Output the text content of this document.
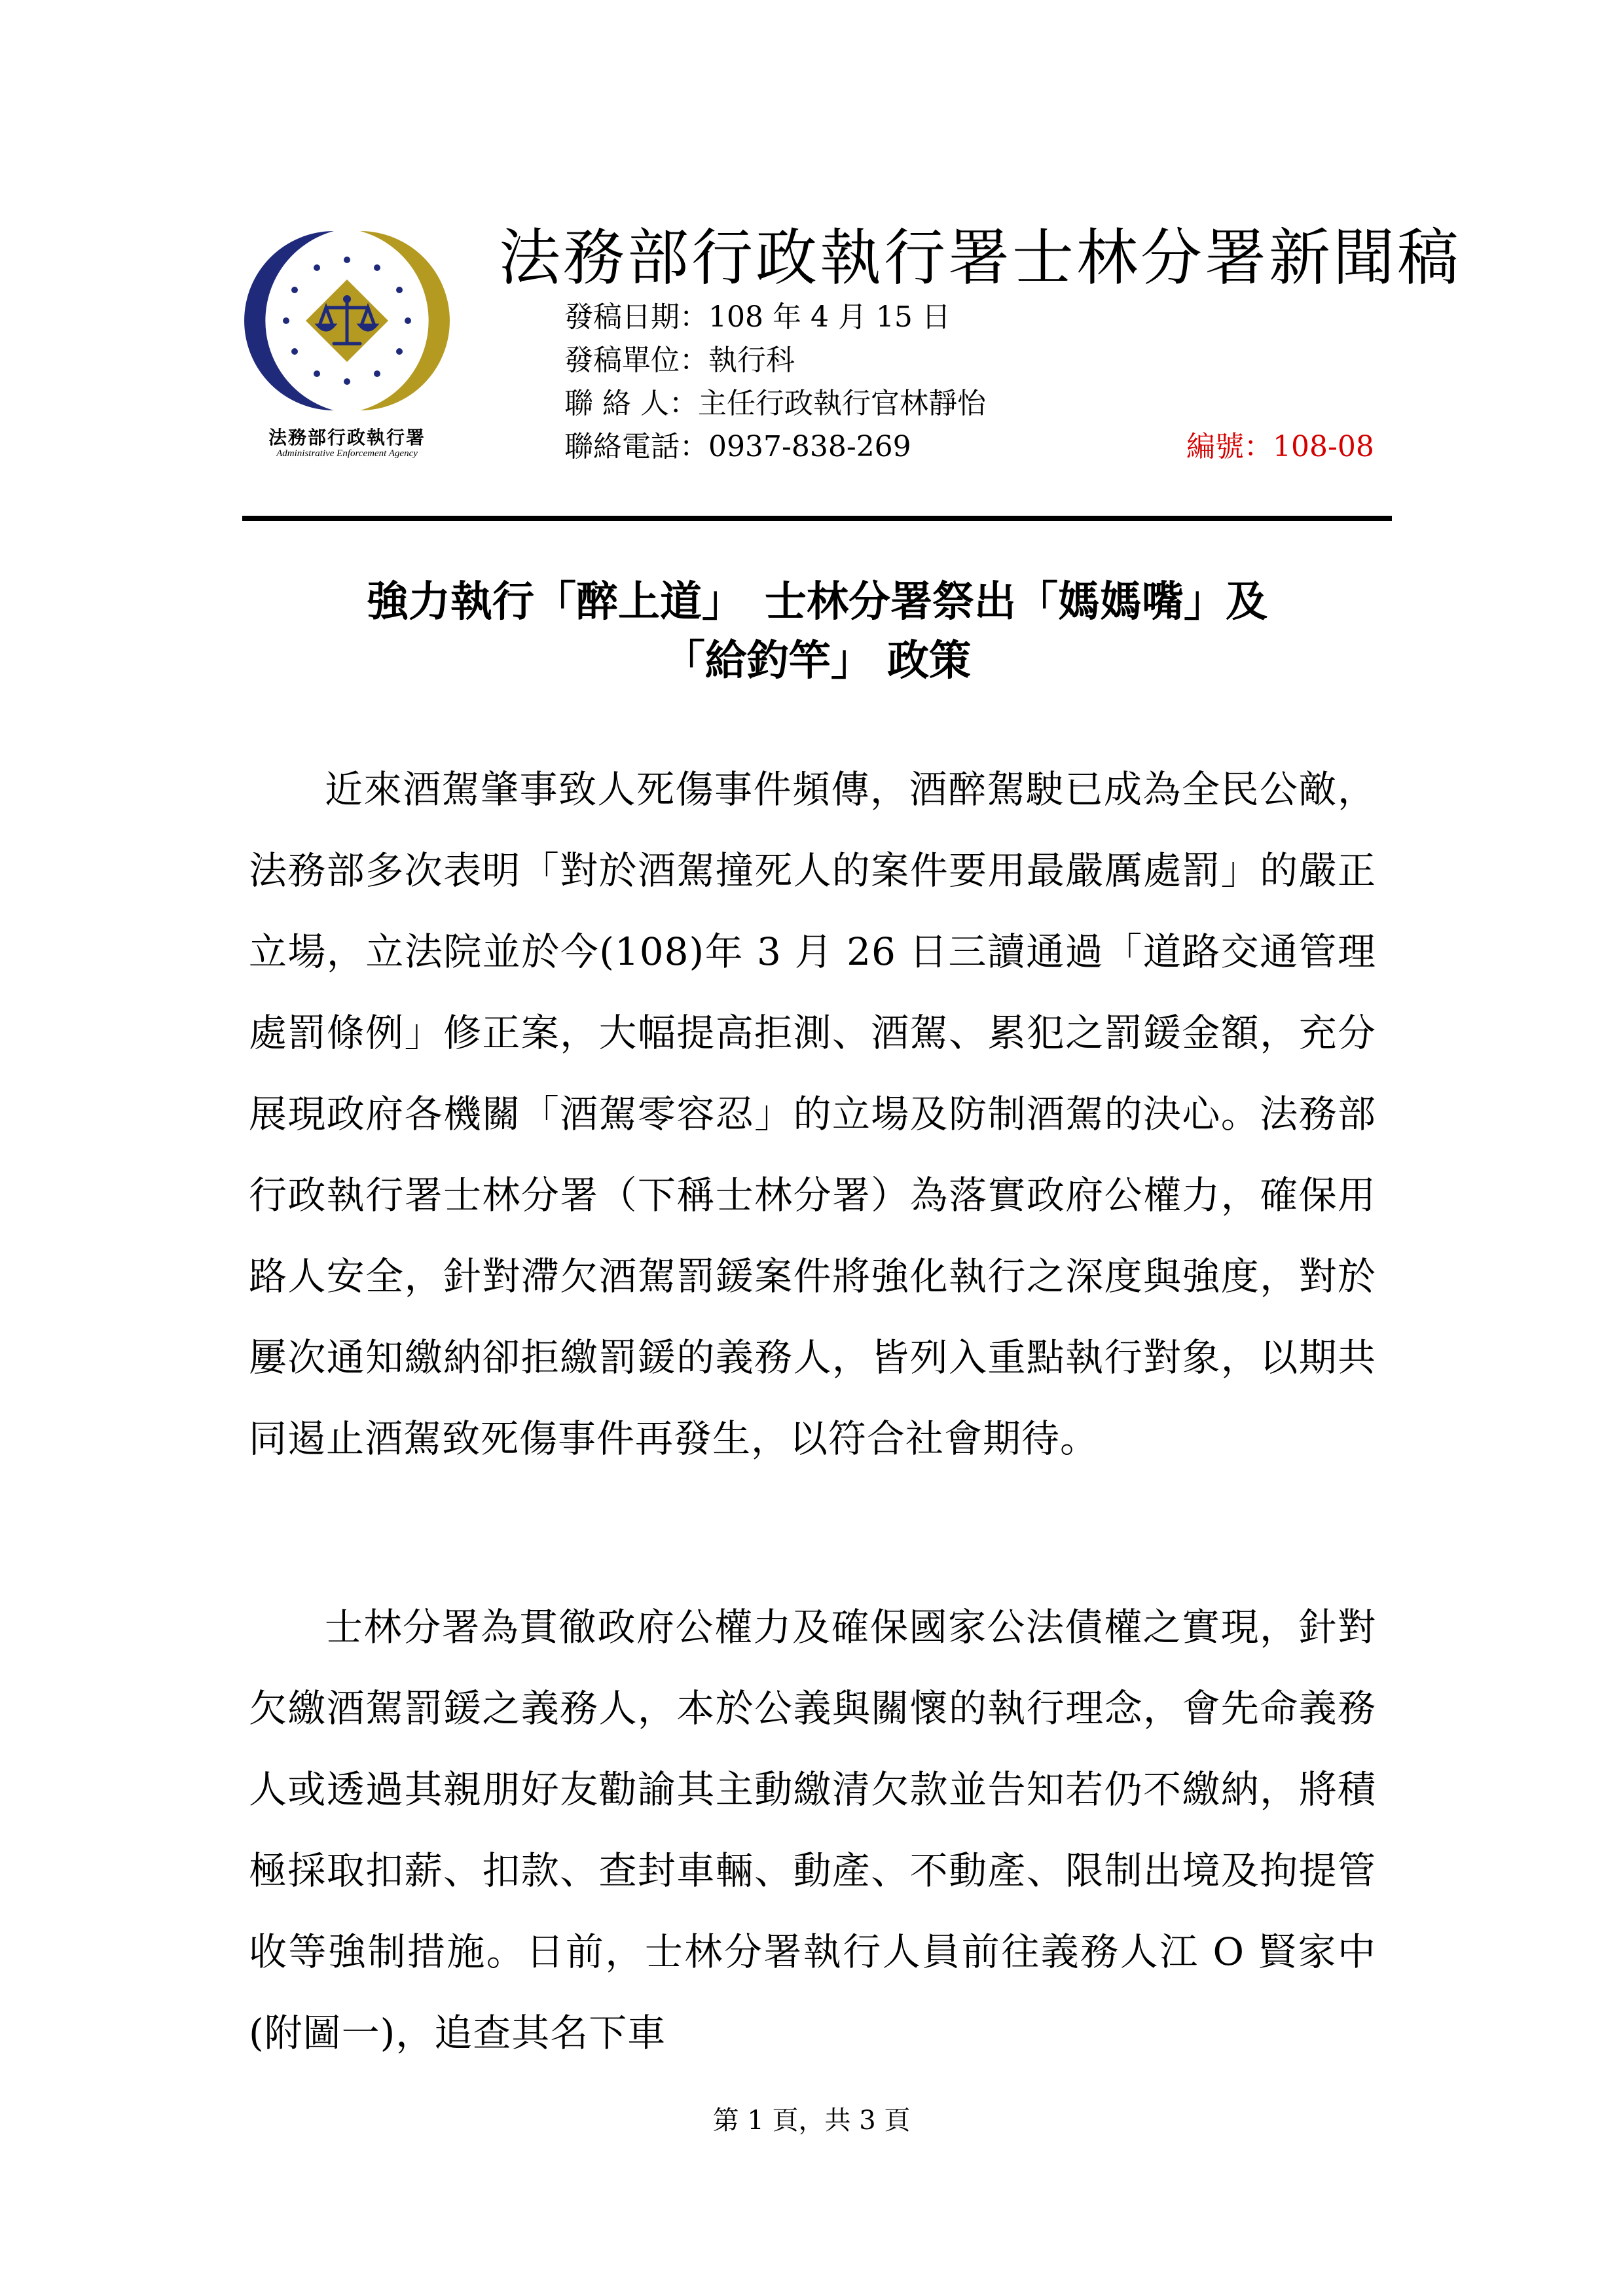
法務部行政執行署
Administrative Enforcement Agency
法務部行政執行署士林分署新聞稿
發稿日期：108 年 4 月 15 日
發稿單位：執行科
聯 絡 人：主任行政執行官林靜怡
聯絡電話：0937-838-269	編號：108-08
強力執行「醉上道」　士林分署祭出「媽媽嘴」及
「給釣竿」 政策

近來酒駕肇事致人死傷事件頻傳，酒醉駕駛已成為全民公敵，法務部多次表明「對於酒駕撞死人的案件要用最嚴厲處罰」的嚴正立場，立法院並於今(108)年 3 月 26 日三讀通過「道路交通管理處罰條例」修正案，大幅提高拒測、酒駕、累犯之罰鍰金額，充分展現政府各機關「酒駕零容忍」的立場及防制酒駕的決心。法務部行政執行署士林分署（下稱士林分署）為落實政府公權力，確保用路人安全，針對滯欠酒駕罰鍰案件將強化執行之深度與強度，對於屢次通知繳納卻拒繳罰鍰的義務人，皆列入重點執行對象，以期共同遏止酒駕致死傷事件再發生，以符合社會期待。

士林分署為貫徹政府公權力及確保國家公法債權之實現，針對欠繳酒駕罰鍰之義務人，本於公義與關懷的執行理念，會先命義務人或透過其親朋好友勸諭其主動繳清欠款並告知若仍不繳納，將積極採取扣薪、扣款、查封車輛、動產、不動產、限制出境及拘提管收等強制措施。日前，士林分署執行人員前往義務人江 O 賢家中(附圖一)，追查其名下車

第 1 頁，共 3 頁
